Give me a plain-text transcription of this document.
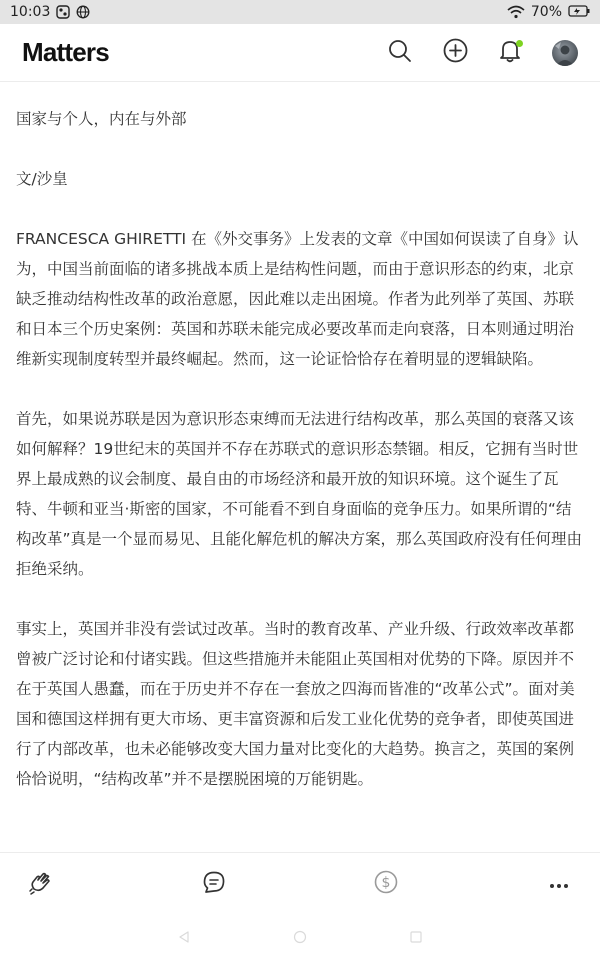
10:03	70%
Matters

国家与个人，内在与外部

文/沙皇

FRANCESCA GHIRETTI 在《外交事务》上发表的文章《中国如何误读了自身》认为，中国当前面临的诸多挑战本质上是结构性问题，而由于意识形态的约束，北京缺乏推动结构性改革的政治意愿，因此难以走出困境。作者为此列举了英国、苏联和日本三个历史案例：英国和苏联未能完成必要改革而走向衰落，日本则通过明治维新实现制度转型并最终崛起。然而，这一论证恰恰存在着明显的逻辑缺陷。

首先，如果说苏联是因为意识形态束缚而无法进行结构改革，那么英国的衰落又该如何解释？19世纪末的英国并不存在苏联式的意识形态禁锢。相反，它拥有当时世界上最成熟的议会制度、最自由的市场经济和最开放的知识环境。这个诞生了瓦特、牛顿和亚当·斯密的国家，不可能看不到自身面临的竞争压力。如果所谓的“结构改革”真是一个显而易见、且能化解危机的解决方案，那么英国政府没有任何理由拒绝采纳。

事实上，英国并非没有尝试过改革。当时的教育改革、产业升级、行政效率改革都曾被广泛讨论和付诸实践。但这些措施并未能阻止英国相对优势的下降。原因并不在于英国人愚蠢，而在于历史并不存在一套放之四海而皆准的“改革公式”。面对美国和德国这样拥有更大市场、更丰富资源和后发工业化优势的竞争者，即使英国进行了内部改革，也未必能够改变大国力量对比变化的大趋势。换言之，英国的案例恰恰说明，“结构改革”并不是摆脱困境的万能钥匙。

$
